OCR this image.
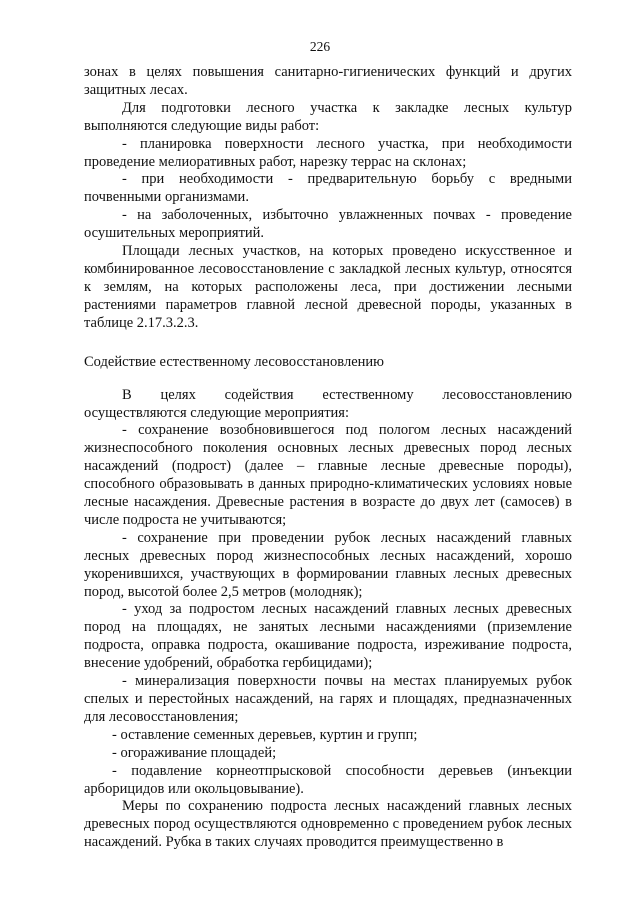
226

зонах в целях повышения санитарно-гигиенических функций и других защитных лесах.

Для подготовки лесного участка к закладке лесных культур выполняются следующие виды работ:

- планировка поверхности лесного участка, при необходимости проведение мелиоративных работ, нарезку террас на склонах;

- при необходимости - предварительную борьбу с вредными почвенными организмами.

- на заболоченных, избыточно увлажненных почвах - проведение осушительных мероприятий.

Площади лесных участков, на которых проведено искусственное и комбинированное лесовосстановление с закладкой лесных культур, относятся к землям, на которых расположены леса, при достижении лесными растениями параметров главной лесной древесной породы, указанных в таблице 2.17.3.2.3.

Содействие естественному лесовосстановлению

В целях содействия естественному лесовосстановлению осуществляются следующие мероприятия:

- сохранение возобновившегося под пологом лесных насаждений жизнеспособного поколения основных лесных древесных пород лесных насаждений (подрост) (далее – главные лесные древесные породы), способного образовывать в данных природно-климатических условиях новые лесные насаждения. Древесные растения в возрасте до двух лет (самосев) в числе подроста не учитываются;

- сохранение при проведении рубок лесных насаждений главных лесных древесных пород жизнеспособных лесных насаждений, хорошо укоренившихся, участвующих в формировании главных лесных древесных пород, высотой более 2,5 метров (молодняк);

- уход за подростом лесных насаждений главных лесных древесных пород на площадях, не занятых лесными насаждениями (приземление подроста, оправка подроста, окашивание подроста, изреживание подроста, внесение удобрений, обработка гербицидами);

- минерализация поверхности почвы на местах планируемых рубок спелых и перестойных насаждений, на гарях и площадях, предназначенных для лесовосстановления;

- оставление семенных деревьев, куртин и групп;

- огораживание площадей;

- подавление корнеотпрысковой способности деревьев (инъекции арборицидов или окольцовывание).

Меры по сохранению подроста лесных насаждений главных лесных древесных пород осуществляются одновременно с проведением рубок лесных насаждений. Рубка в таких случаях проводится преимущественно в
